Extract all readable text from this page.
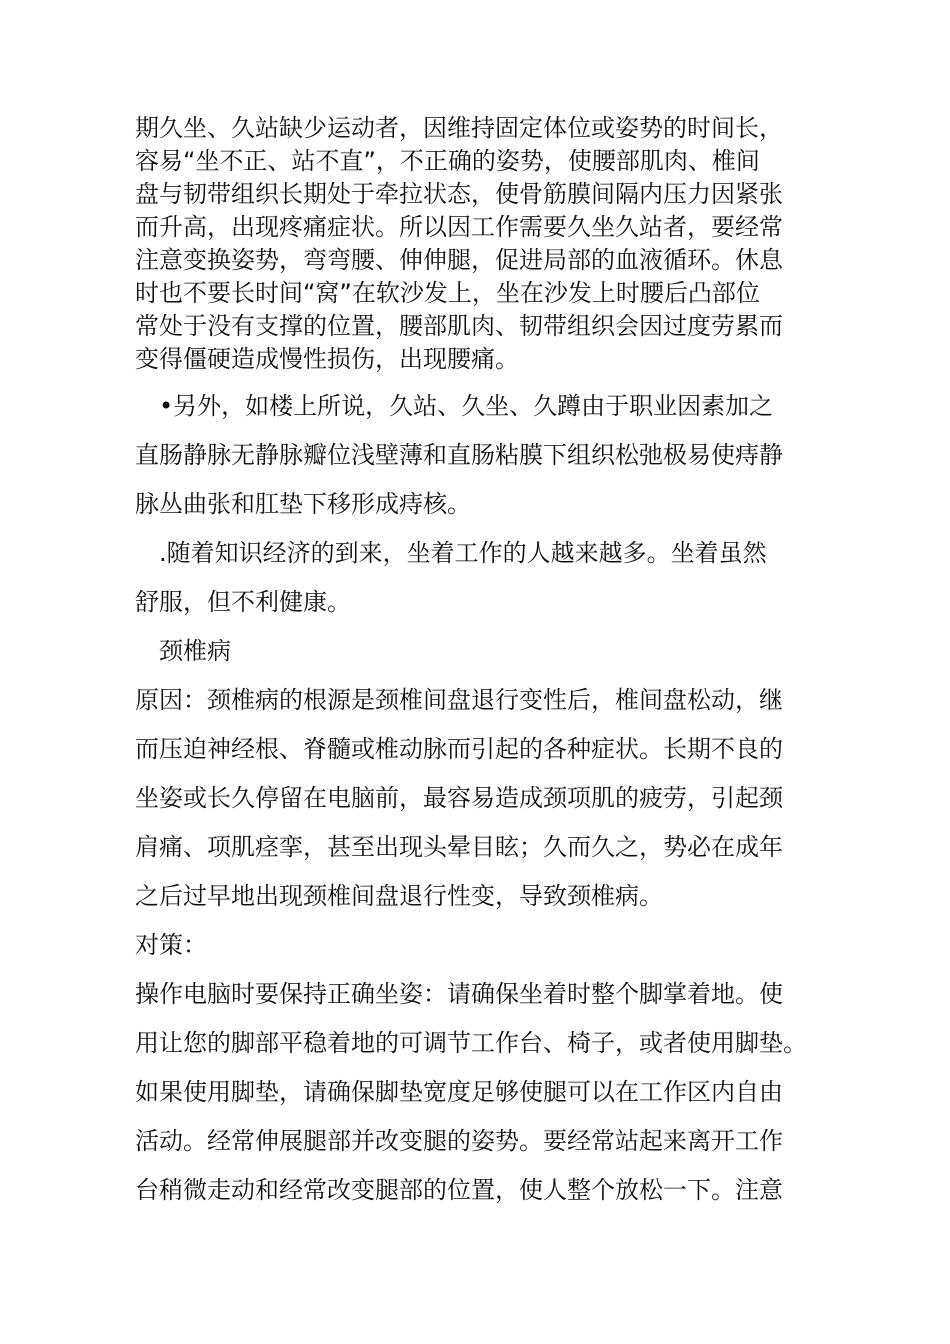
期久坐、久站缺少运动者，因维持固定体位或姿势的时间长，
容易“坐不正、站不直”，不正确的姿势，使腰部肌肉、椎间
盘与韧带组织长期处于牵拉状态，使骨筋膜间隔内压力因紧张
而升高，出现疼痛症状。所以因工作需要久坐久站者，要经常
注意变换姿势，弯弯腰、伸伸腿，促进局部的血液循环。休息
时也不要长时间“窝”在软沙发上，坐在沙发上时腰后凸部位
常处于没有支撑的位置，腰部肌肉、韧带组织会因过度劳累而
变得僵硬造成慢性损伤，出现腰痛。
•另外，如楼上所说，久站、久坐、久蹲由于职业因素加之
直肠静脉无静脉瓣位浅壁薄和直肠粘膜下组织松弛极易使痔静
脉丛曲张和肛垫下移形成痔核。
.随着知识经济的到来，坐着工作的人越来越多。坐着虽然
舒服，但不利健康。
颈椎病
原因：颈椎病的根源是颈椎间盘退行变性后，椎间盘松动，继
而压迫神经根、脊髓或椎动脉而引起的各种症状。长期不良的
坐姿或长久停留在电脑前，最容易造成颈项肌的疲劳，引起颈
肩痛、项肌痉挛，甚至出现头晕目眩；久而久之，势必在成年
之后过早地出现颈椎间盘退行性变，导致颈椎病。
对策：
操作电脑时要保持正确坐姿：请确保坐着时整个脚掌着地。使
用让您的脚部平稳着地的可调节工作台、椅子，或者使用脚垫。
如果使用脚垫，请确保脚垫宽度足够使腿可以在工作区内自由
活动。经常伸展腿部并改变腿的姿势。要经常站起来离开工作
台稍微走动和经常改变腿部的位置，使人整个放松一下。注意
